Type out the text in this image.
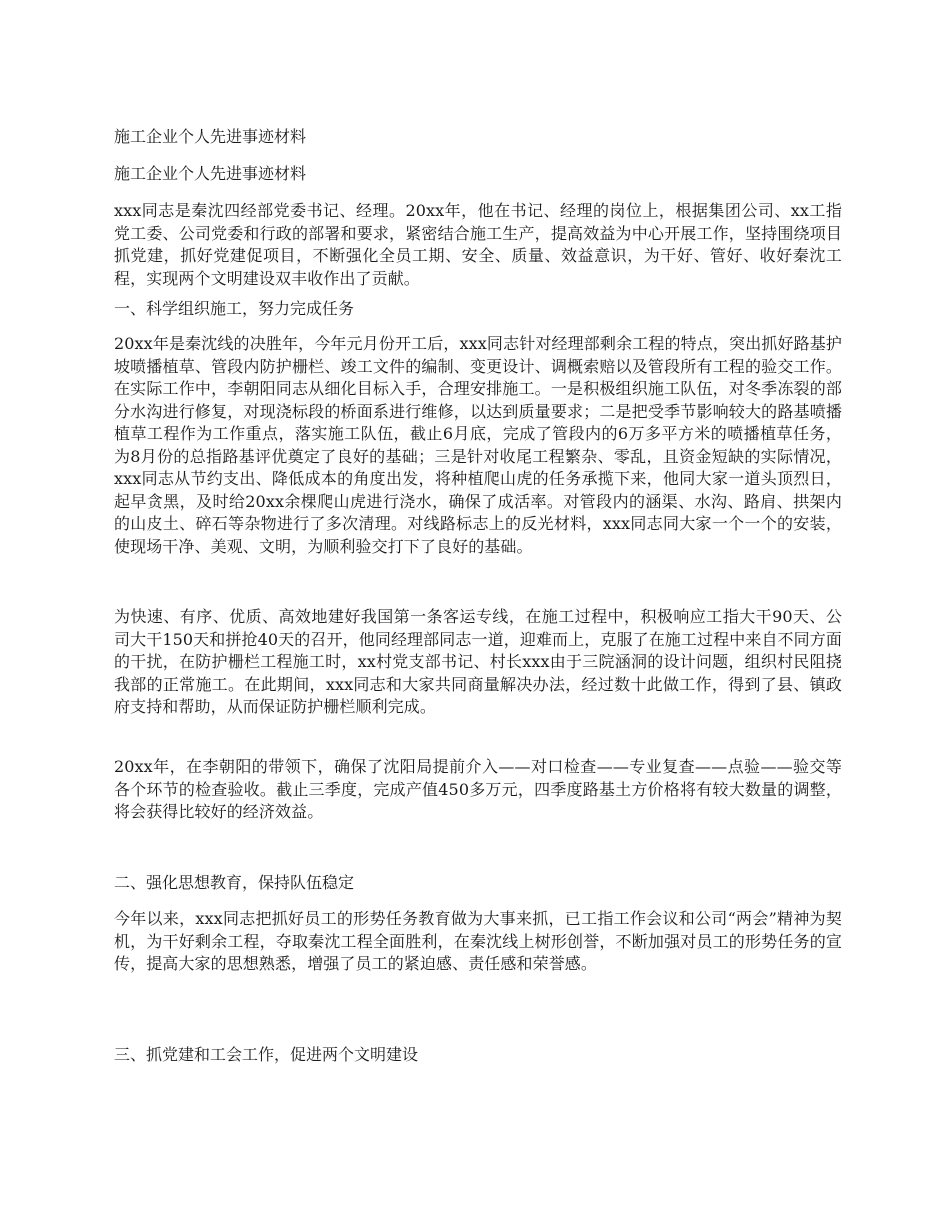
施工企业个人先进事迹材料

施工企业个人先进事迹材料

xxx同志是秦沈四经部党委书记、经理。20xx年，他在书记、经理的岗位上，根据集团公司、xx工指党工委、公司党委和行政的部署和要求，紧密结合施工生产，提高效益为中心开展工作，坚持围绕项目抓党建，抓好党建促项目，不断强化全员工期、安全、质量、效益意识，为干好、管好、收好秦沈工程，实现两个文明建设双丰收作出了贡献。

一、科学组织施工，努力完成任务

20xx年是秦沈线的决胜年，今年元月份开工后，xxx同志针对经理部剩余工程的特点，突出抓好路基护坡喷播植草、管段内防护栅栏、竣工文件的编制、变更设计、调概索赔以及管段所有工程的验交工作。在实际工作中，李朝阳同志从细化目标入手，合理安排施工。一是积极组织施工队伍，对冬季冻裂的部分水沟进行修复，对现浇标段的桥面系进行维修，以达到质量要求；二是把受季节影响较大的路基喷播植草工程作为工作重点，落实施工队伍，截止6月底，完成了管段内的6万多平方米的喷播植草任务，为8月份的总指路基评优奠定了良好的基础；三是针对收尾工程繁杂、零乱，且资金短缺的实际情况，xxx同志从节约支出、降低成本的角度出发，将种植爬山虎的任务承揽下来，他同大家一道头顶烈日，起早贪黑，及时给20xx余棵爬山虎进行浇水，确保了成活率。对管段内的涵渠、水沟、路肩、拱架内的山皮土、碎石等杂物进行了多次清理。对线路标志上的反光材料，xxx同志同大家一个一个的安装，使现场干净、美观、文明，为顺利验交打下了良好的基础。

为快速、有序、优质、高效地建好我国第一条客运专线，在施工过程中，积极响应工指大干90天、公司大干150天和拼抢40天的召开，他同经理部同志一道，迎难而上，克服了在施工过程中来自不同方面的干扰，在防护栅栏工程施工时，xx村党支部书记、村长xxx由于三院涵洞的设计问题，组织村民阻挠我部的正常施工。在此期间，xxx同志和大家共同商量解决办法，经过数十此做工作，得到了县、镇政府支持和帮助，从而保证防护栅栏顺利完成。

20xx年，在李朝阳的带领下，确保了沈阳局提前介入——对口检查——专业复查——点验——验交等各个环节的检查验收。截止三季度，完成产值450多万元，四季度路基土方价格将有较大数量的调整，将会获得比较好的经济效益。

二、强化思想教育，保持队伍稳定

今年以来，xxx同志把抓好员工的形势任务教育做为大事来抓，已工指工作会议和公司“两会”精神为契机，为干好剩余工程，夺取秦沈工程全面胜利，在秦沈线上树形创誉，不断加强对员工的形势任务的宣传，提高大家的思想熟悉，增强了员工的紧迫感、责任感和荣誉感。

三、抓党建和工会工作，促进两个文明建设
